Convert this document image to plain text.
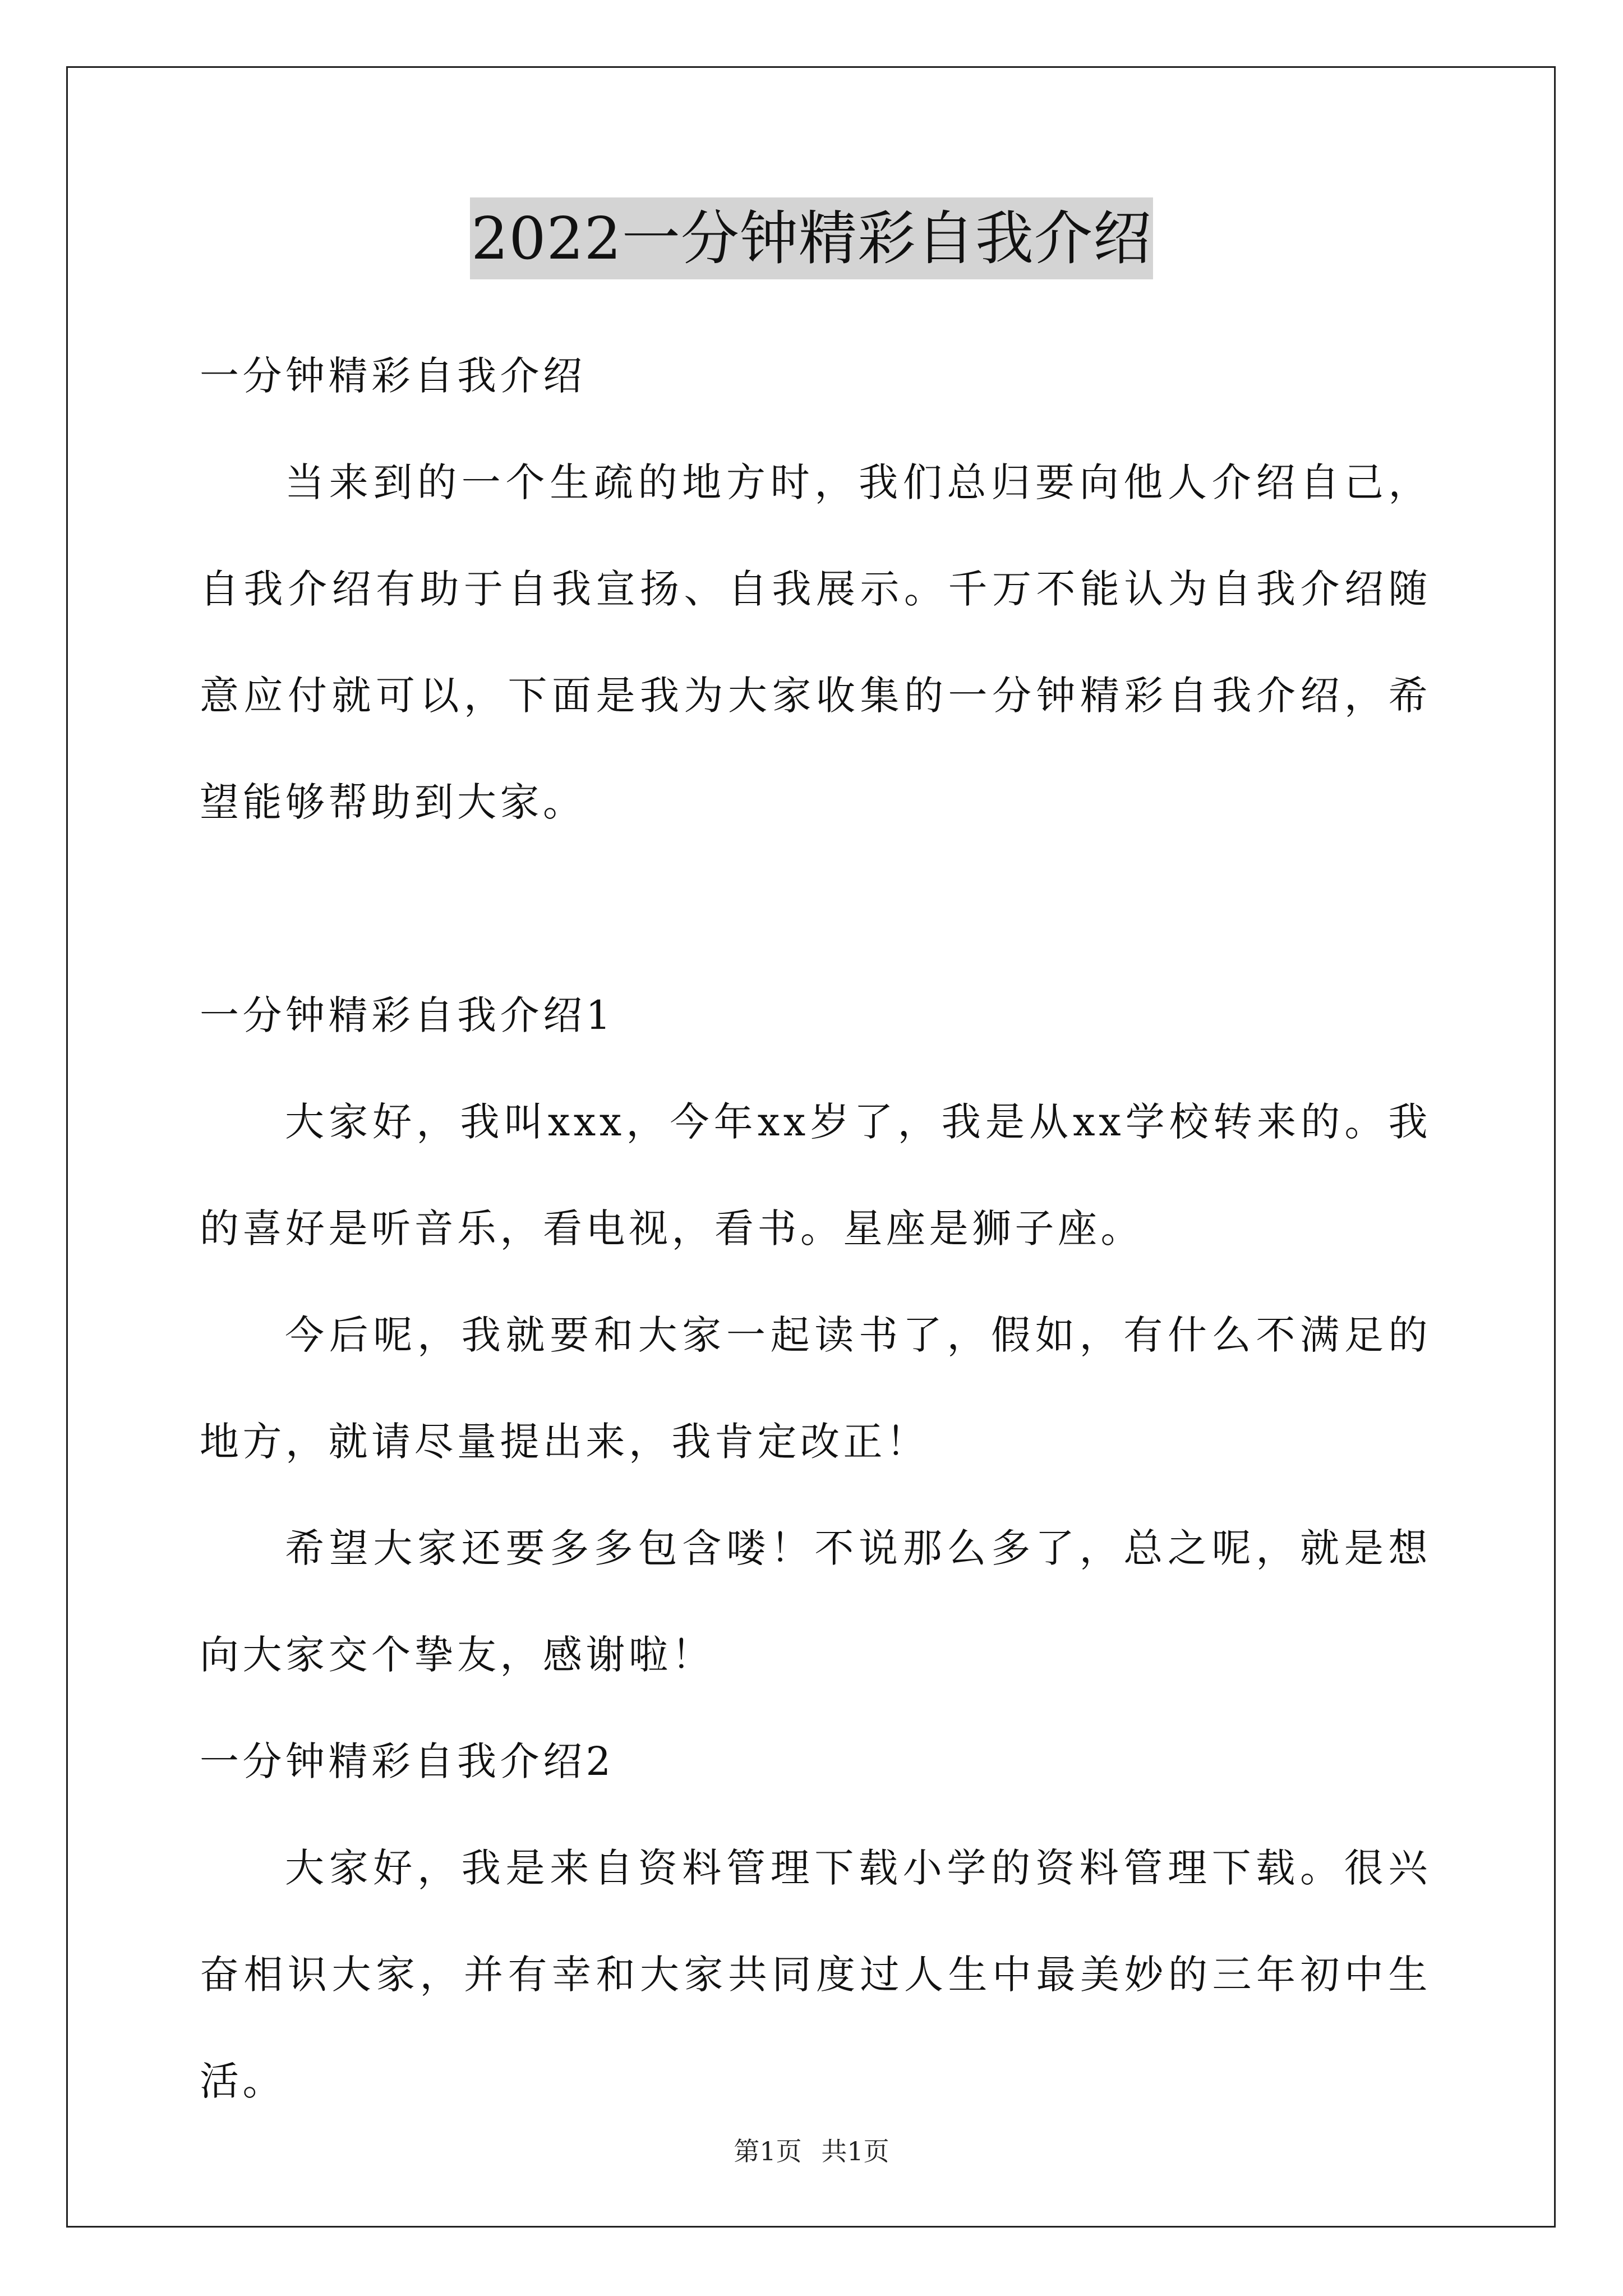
2022一分钟精彩自我介绍
一分钟精彩自我介绍

当来到的一个生疏的地方时，我们总归要向他人介绍自己，自我介绍有助于自我宣扬、自我展示。千万不能认为自我介绍随意应付就可以，下面是我为大家收集的一分钟精彩自我介绍，希望能够帮助到大家。

一分钟精彩自我介绍1

大家好，我叫xxx，今年xx岁了，我是从xx学校转来的。我的喜好是听音乐，看电视，看书。星座是狮子座。

今后呢，我就要和大家一起读书了，假如，有什么不满足的地方，就请尽量提出来，我肯定改正！

希望大家还要多多包含喽！不说那么多了，总之呢，就是想向大家交个挚友，感谢啦！

一分钟精彩自我介绍2

大家好，我是来自资料管理下载小学的资料管理下载。很兴奋相识大家，并有幸和大家共同度过人生中最美妙的三年初中生活。

第1页 共1页
